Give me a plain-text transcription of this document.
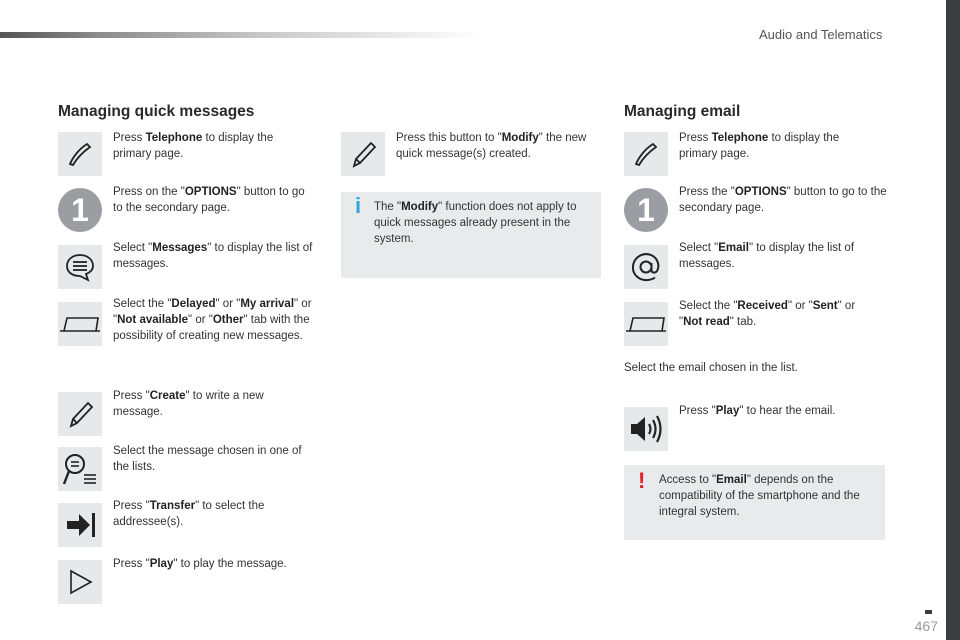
Audio and Telematics
Managing quick messages
Press Telephone to display the primary page.
1	Press on the "OPTIONS" button to go to the secondary page.
Select "Messages" to display the list of messages.
Select the "Delayed" or "My arrival" or "Not available" or "Other" tab with the possibility of creating new messages.
Press "Create" to write a new message.
Select the message chosen in one of the lists.
Press "Transfer" to select the addressee(s).
Press "Play" to play the message.
Press this button to "Modify" the new quick message(s) created.
i The "Modify" function does not apply to quick messages already present in the system.
Managing email
Press Telephone to display the primary page.
1	Press the "OPTIONS" button to go to the secondary page.
Select "Email" to display the list of messages.
Select the "Received" or "Sent" or "Not read" tab.
Select the email chosen in the list.
Press "Play" to hear the email.
! Access to "Email" depends on the compatibility of the smartphone and the integral system.
467
